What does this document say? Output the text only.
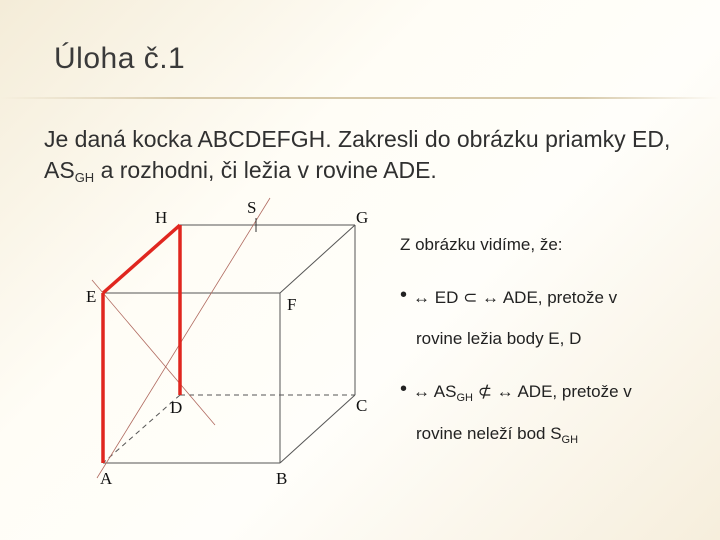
Úloha č.1
Je daná kocka ABCDEFGH. Zakresli do obrázku priamky ED,
ASGH a rozhodni, či ležia v rovine ADE.
H
S
G
E	F
D	C
A	B
Z obrázku vidíme, že:
• ↔ ED ⊂ ↔ ADE, pretože v
rovine ležia body E, D
• ↔ $AS_{GH}$ ⊄ ↔ ADE, pretože v
rovine neleží bod $S_{GH}$
